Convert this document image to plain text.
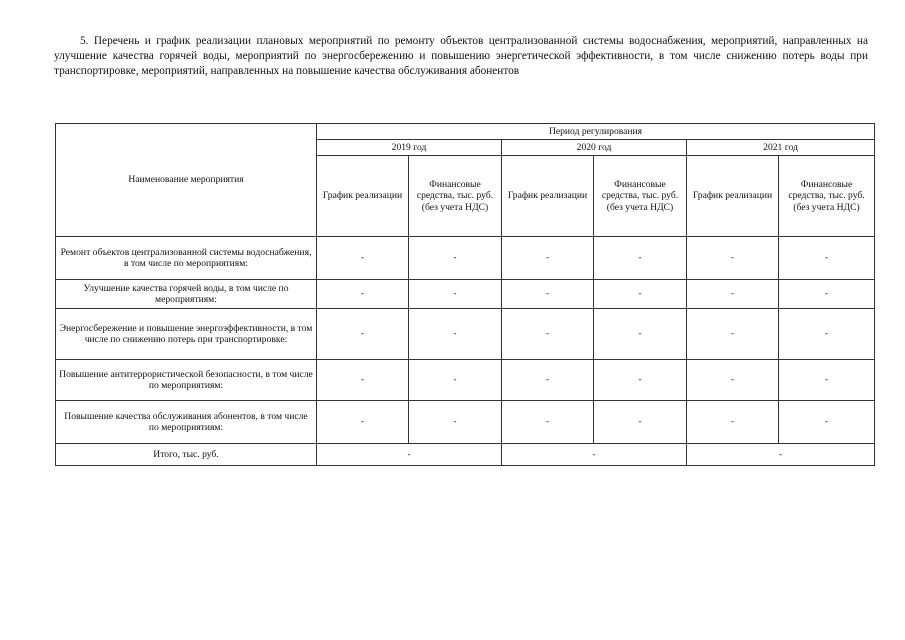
5. Перечень и график реализации плановых мероприятий по ремонту объектов централизованной системы водоснабжения, мероприятий, направленных на улучшение качества горячей воды, мероприятий по энергосбережению и повышению энергетической эффективности, в том числе снижению потерь воды при транспортировке, мероприятий, направленных на повышение качества обслуживания абонентов

Наименование мероприятия	Период регулирования					
	2019 год		2020 год		2021 год	
	График реализации	Финансовые средства, тыс. руб. (без учета НДС)	График реализации	Финансовые средства, тыс. руб. (без учета НДС)	График реализации	Финансовые средства, тыс. руб. (без учета НДС)
Ремонт объектов централизованной системы водоснабжения, в том числе по мероприятиям:	-	-	-	-	-	-
Улучшение качества горячей воды, в том числе по мероприятиям:	-	-	-	-	-	-
Энергосбережение и повышение энергоэффективности, в том числе по снижению потерь при транспортировке:	-	-	-	-	-	-
Повышение антитеррористической безопасности, в том числе по мероприятиям:	-	-	-	-	-	-
Повышение качества обслуживания абонентов, в том числе по мероприятиям:	-	-	-	-	-	-
Итого, тыс. руб.	-		-		-	
